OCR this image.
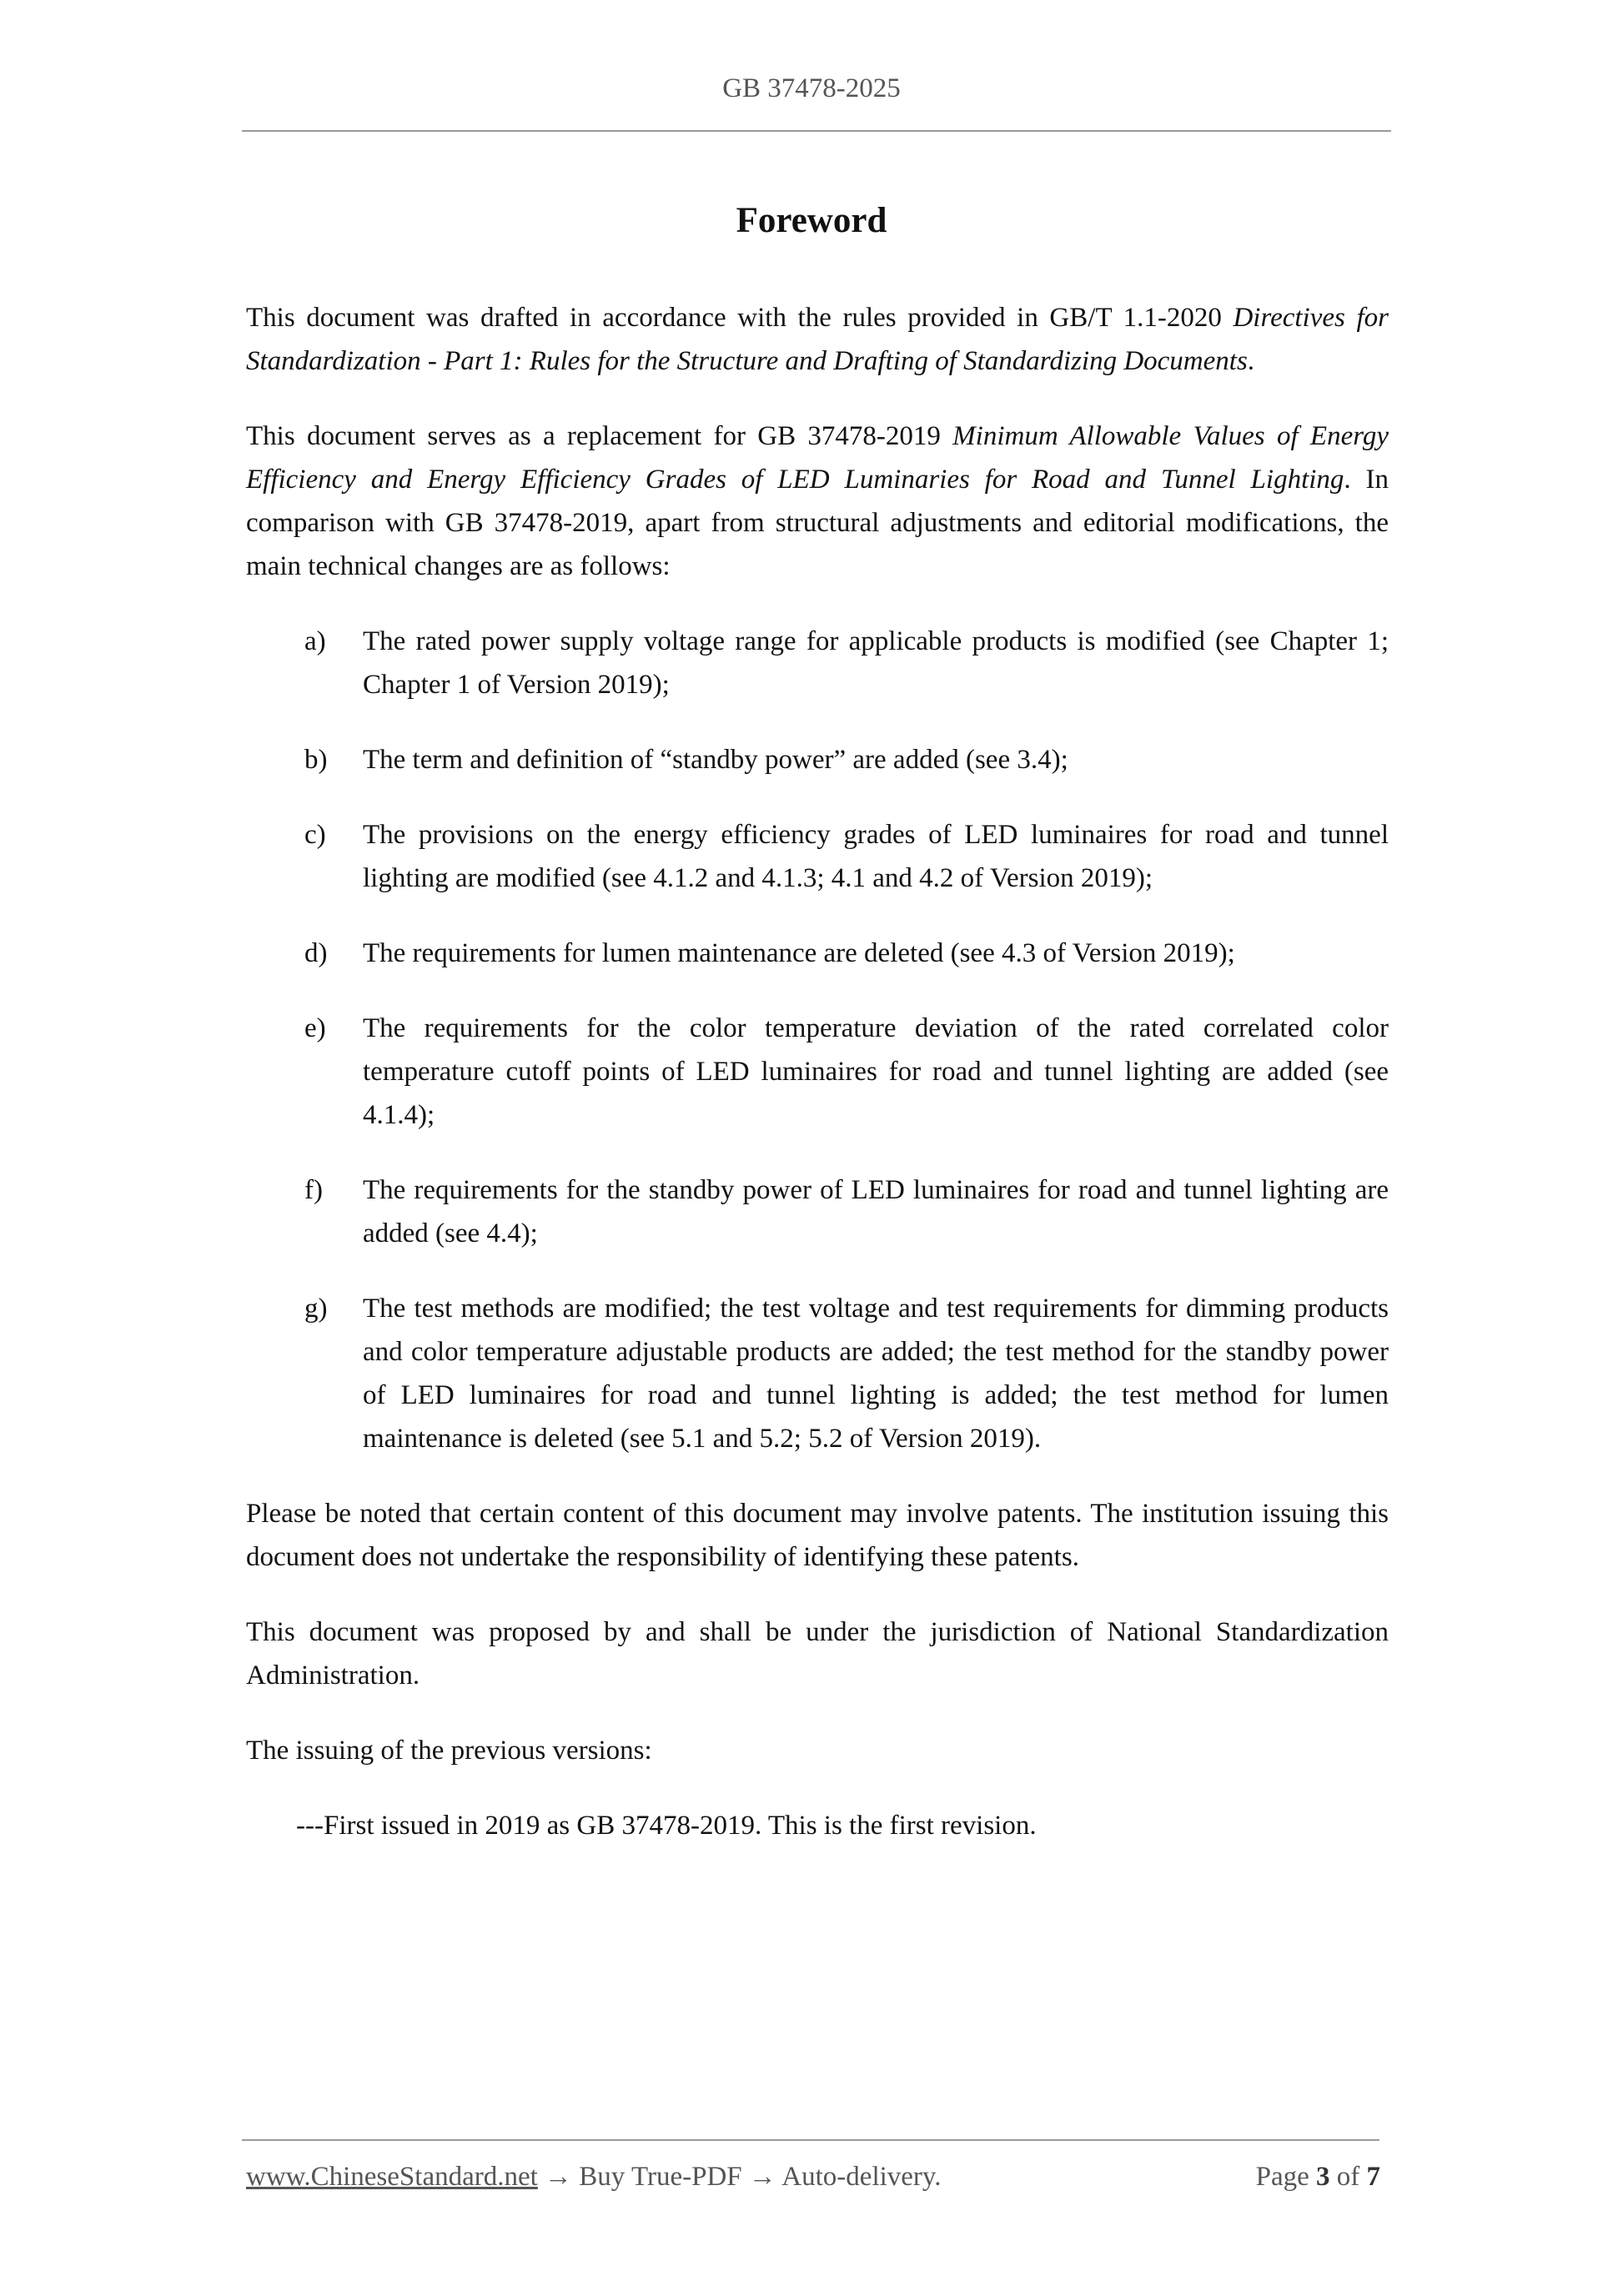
GB 37478-2025
Foreword

This document was drafted in accordance with the rules provided in GB/T 1.1-2020 Directives for Standardization - Part 1: Rules for the Structure and Drafting of Standardizing Documents.

This document serves as a replacement for GB 37478-2019 Minimum Allowable Values of Energy Efficiency and Energy Efficiency Grades of LED Luminaries for Road and Tunnel Lighting. In comparison with GB 37478-2019, apart from structural adjustments and editorial modifications, the main technical changes are as follows:

a) The rated power supply voltage range for applicable products is modified (see Chapter 1; Chapter 1 of Version 2019);
b) The term and definition of “standby power” are added (see 3.4);
c) The provisions on the energy efficiency grades of LED luminaires for road and tunnel lighting are modified (see 4.1.2 and 4.1.3; 4.1 and 4.2 of Version 2019);
d) The requirements for lumen maintenance are deleted (see 4.3 of Version 2019);
e) The requirements for the color temperature deviation of the rated correlated color temperature cutoff points of LED luminaires for road and tunnel lighting are added (see 4.1.4);
f) The requirements for the standby power of LED luminaires for road and tunnel lighting are added (see 4.4);
g) The test methods are modified; the test voltage and test requirements for dimming products and color temperature adjustable products are added; the test method for the standby power of LED luminaires for road and tunnel lighting is added; the test method for lumen maintenance is deleted (see 5.1 and 5.2; 5.2 of Version 2019).

Please be noted that certain content of this document may involve patents. The institution issuing this document does not undertake the responsibility of identifying these patents.

This document was proposed by and shall be under the jurisdiction of National Standardization Administration.

The issuing of the previous versions:

---First issued in 2019 as GB 37478-2019. This is the first revision.

www.ChineseStandard.net → Buy True-PDF → Auto-delivery.	Page 3 of 7
